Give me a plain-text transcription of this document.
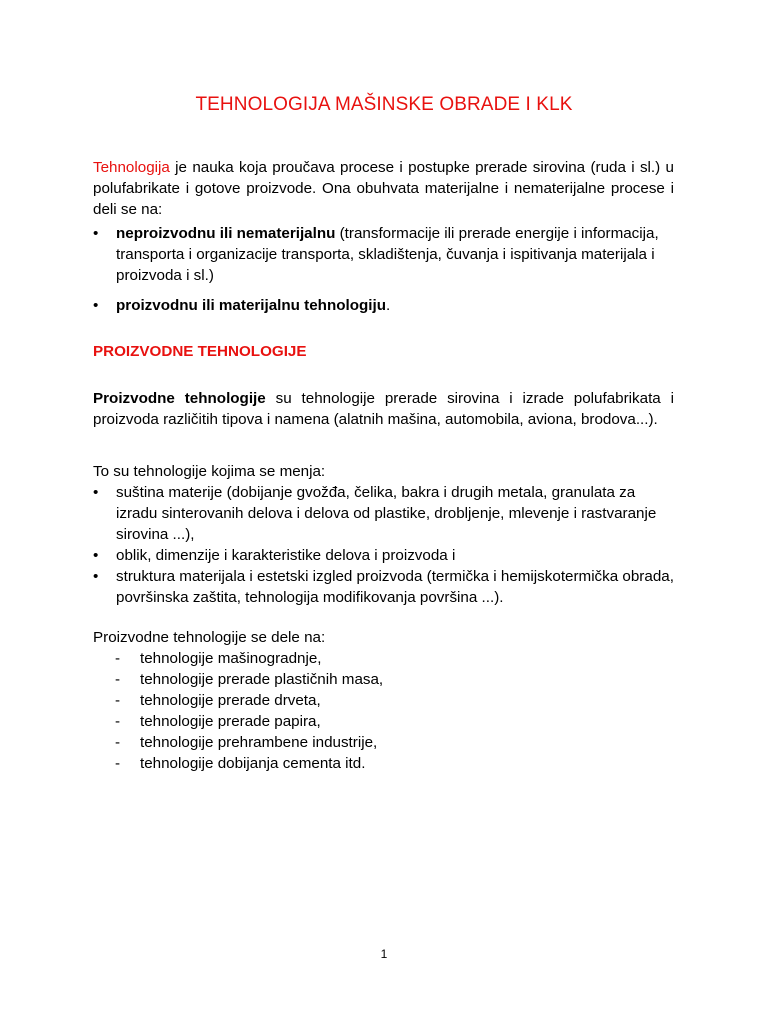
TEHNOLOGIJA MAŠINSKE OBRADE I KLK
Tehnologija je nauka koja proučava procese i postupke prerade sirovina (ruda i sl.) u polufabrikate i gotove proizvode. Ona obuhvata materijalne i nematerijalne procese i deli se na:
•	neproizvodnu ili nematerijalnu (transformacije ili prerade energije i informacija, transporta i organizacije transporta, skladištenja, čuvanja i ispitivanja materijala i proizvoda i sl.)
•	proizvodnu ili materijalnu tehnologiju.
PROIZVODNE TEHNOLOGIJE
Proizvodne tehnologije su tehnologije prerade sirovina i izrade polufabrikata i proizvoda različitih tipova i namena (alatnih mašina, automobila, aviona, brodova...).
To su tehnologije kojima se menja:
•	suština materije (dobijanje gvožđa, čelika, bakra i drugih metala, granulata za izradu sinterovanih delova i delova od plastike, drobljenje, mlevenje i rastvaranje sirovina ...),
•	oblik, dimenzije i karakteristike delova i proizvoda i
•	struktura materijala i estetski izgled proizvoda (termička i hemijskotermička obrada, površinska zaštita, tehnologija modifikovanja površina ...).
Proizvodne tehnologije se dele na:
- tehnologije mašinogradnje,
- tehnologije prerade plastičnih masa,
- tehnologije prerade drveta,
- tehnologije prerade papira,
- tehnologije prehrambene industrije,
- tehnologije dobijanja cementa itd.
1
